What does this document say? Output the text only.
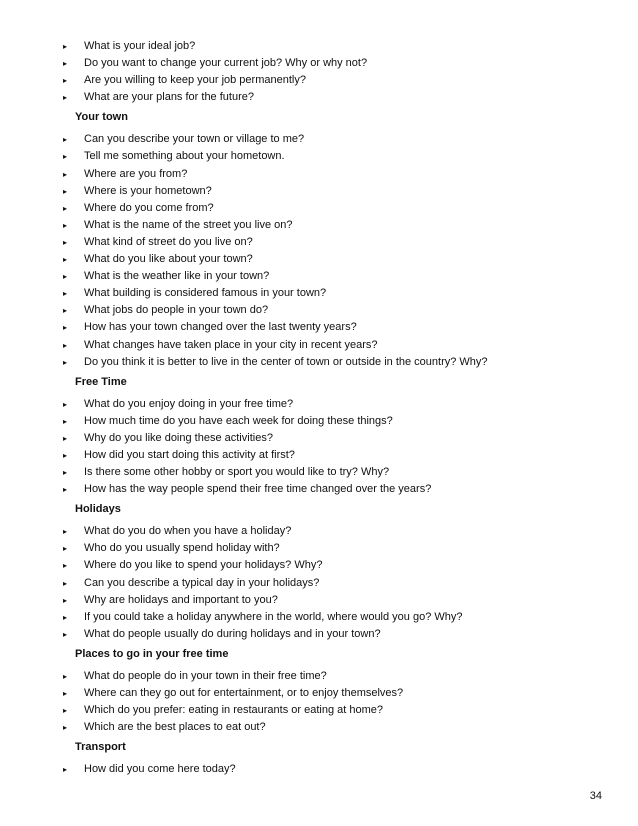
▸ What is your ideal job?
▸ Do you want to change your current job? Why or why not?
▸ Are you willing to keep your job permanently?
▸ What are your plans for the future?
Your town
▸ Can you describe your town or village to me?
▸ Tell me something about your hometown.
▸ Where are you from?
▸ Where is your hometown?
▸ Where do you come from?
▸ What is the name of the street you live on?
▸ What kind of street do you live on?
▸ What do you like about your town?
▸ What is the weather like in your town?
▸ What building is considered famous in your town?
▸ What jobs do people in your town do?
▸ How has your town changed over the last twenty years?
▸ What changes have taken place in your city in recent years?
▸ Do you think it is better to live in the center of town or outside in the country? Why?
Free Time
▸ What do you enjoy doing in your free time?
▸ How much time do you have each week for doing these things?
▸ Why do you like doing these activities?
▸ How did you start doing this activity at first?
▸ Is there some other hobby or sport you would like to try? Why?
▸ How has the way people spend their free time changed over the years?
Holidays
▸ What do you do when you have a holiday?
▸ Who do you usually spend holiday with?
▸ Where do you like to spend your holidays? Why?
▸ Can you describe a typical day in your holidays?
▸ Why are holidays and important to you?
▸ If you could take a holiday anywhere in the world, where would you go? Why?
▸ What do people usually do during holidays and in your town?
Places to go in your free time
▸ What do people do in your town in their free time?
▸ Where can they go out for entertainment, or to enjoy themselves?
▸ Which do you prefer: eating in restaurants or eating at home?
▸ Which are the best places to eat out?
Transport
▸ How did you come here today?
34
